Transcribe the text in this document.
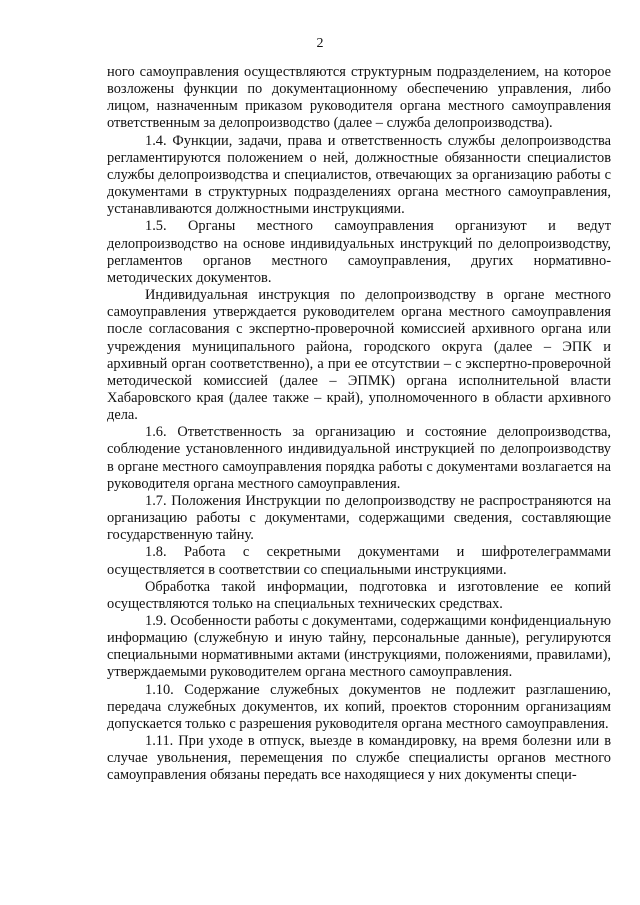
2

ного самоуправления осуществляются структурным подразделением, на которое возложены функции по документационному обеспечению управления, либо лицом, назначенным приказом руководителя органа местного самоуправления ответственным за делопроизводство (далее – служба делопроизводства).

1.4. Функции, задачи, права и ответственность службы делопроизводства регламентируются положением о ней, должностные обязанности специалистов службы делопроизводства и специалистов, отвечающих за организацию работы с документами в структурных подразделениях органа местного самоуправления, устанавливаются должностными инструкциями.

1.5. Органы местного самоуправления организуют и ведут делопроизводство на основе индивидуальных инструкций по делопроизводству, регламентов органов местного самоуправления, других нормативно-методических документов.

Индивидуальная инструкция по делопроизводству в органе местного самоуправления утверждается руководителем органа местного самоуправления после согласования с экспертно-проверочной комиссией архивного органа или учреждения муниципального района, городского округа (далее – ЭПК и архивный орган соответственно), а при ее отсутствии – с экспертно-проверочной методической комиссией (далее – ЭПМК) органа исполнительной власти Хабаровского края (далее также – край), уполномоченного в области архивного дела.

1.6. Ответственность за организацию и состояние делопроизводства, соблюдение установленного индивидуальной инструкцией по делопроизводству в органе местного самоуправления порядка работы с документами возлагается на руководителя органа местного самоуправления.

1.7. Положения Инструкции по делопроизводству не распространяются на организацию работы с документами, содержащими сведения, составляющие государственную тайну.

1.8. Работа с секретными документами и шифротелеграммами осуществляется в соответствии со специальными инструкциями.

Обработка такой информации, подготовка и изготовление ее копий осуществляются только на специальных технических средствах.

1.9. Особенности работы с документами, содержащими конфиденциальную информацию (служебную и иную тайну, персональные данные), регулируются специальными нормативными актами (инструкциями, положениями, правилами), утверждаемыми руководителем органа местного самоуправления.

1.10. Содержание служебных документов не подлежит разглашению, передача служебных документов, их копий, проектов сторонним организациям допускается только с разрешения руководителя органа местного самоуправления.

1.11. При уходе в отпуск, выезде в командировку, на время болезни или в случае увольнения, перемещения по службе специалисты органов местного самоуправления обязаны передать все находящиеся у них документы специ-
